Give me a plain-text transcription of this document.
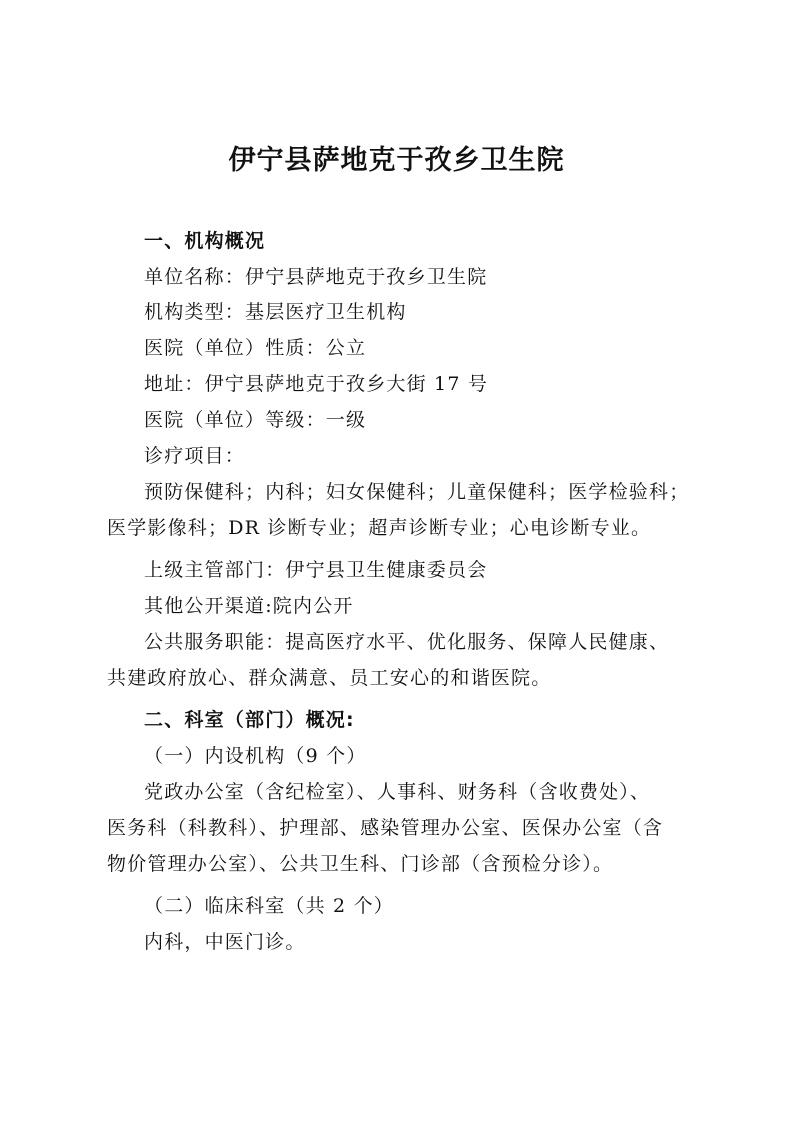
伊宁县萨地克于孜乡卫生院
一、机构概况
单位名称：伊宁县萨地克于孜乡卫生院
机构类型：基层医疗卫生机构
医院（单位）性质：公立
地址：伊宁县萨地克于孜乡大街 17 号
医院（单位）等级：一级
诊疗项目：
预防保健科；内科；妇女保健科；儿童保健科；医学检验科；
医学影像科；DR 诊断专业；超声诊断专业；心电诊断专业。
上级主管部门：伊宁县卫生健康委员会
其他公开渠道:院内公开
公共服务职能：提高医疗水平、优化服务、保障人民健康、
共建政府放心、群众满意、员工安心的和谐医院。
二、科室（部门）概况:
（一）内设机构（9 个）
党政办公室（含纪检室）、人事科、财务科（含收费处）、
医务科（科教科）、护理部、感染管理办公室、医保办公室（含
物价管理办公室）、公共卫生科、门诊部（含预检分诊）。
（二）临床科室（共 2 个）
内科，中医门诊。
